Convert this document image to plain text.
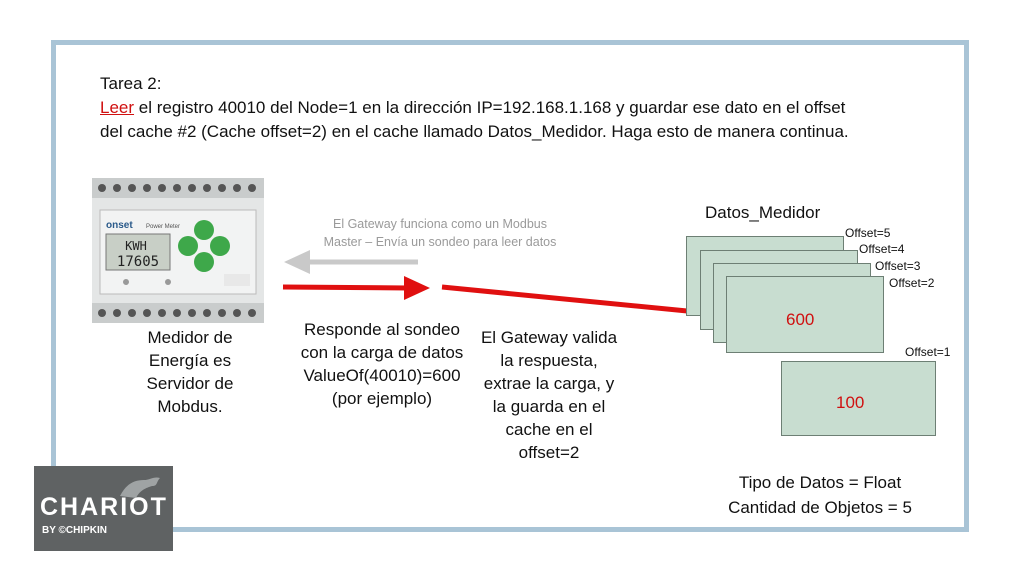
Tarea 2:
Leer el registro 40010 del Node=1 en la dirección IP=192.168.1.168 y guardar ese dato en el offset
del cache #2 (Cache offset=2) en el cache llamado Datos_Medidor. Haga esto de manera continua.
onset Power Meter
KWH
17605
Medidor de
Energía es
Servidor de
Mobdus.
El Gateway funciona como un Modbus
Master – Envía un sondeo para leer datos
Responde al sondeo
con la carga de datos
ValueOf(40010)=600
(por ejemplo)
El Gateway valida
la respuesta,
extrae la carga, y
la guarda en el
cache en el
offset=2
Datos_Medidor
600
Offset=5
Offset=4
Offset=3
Offset=2
Offset=1
100
Tipo de Datos = Float
Cantidad de Objetos = 5
CHARIOT
BY ©CHIPKIN
